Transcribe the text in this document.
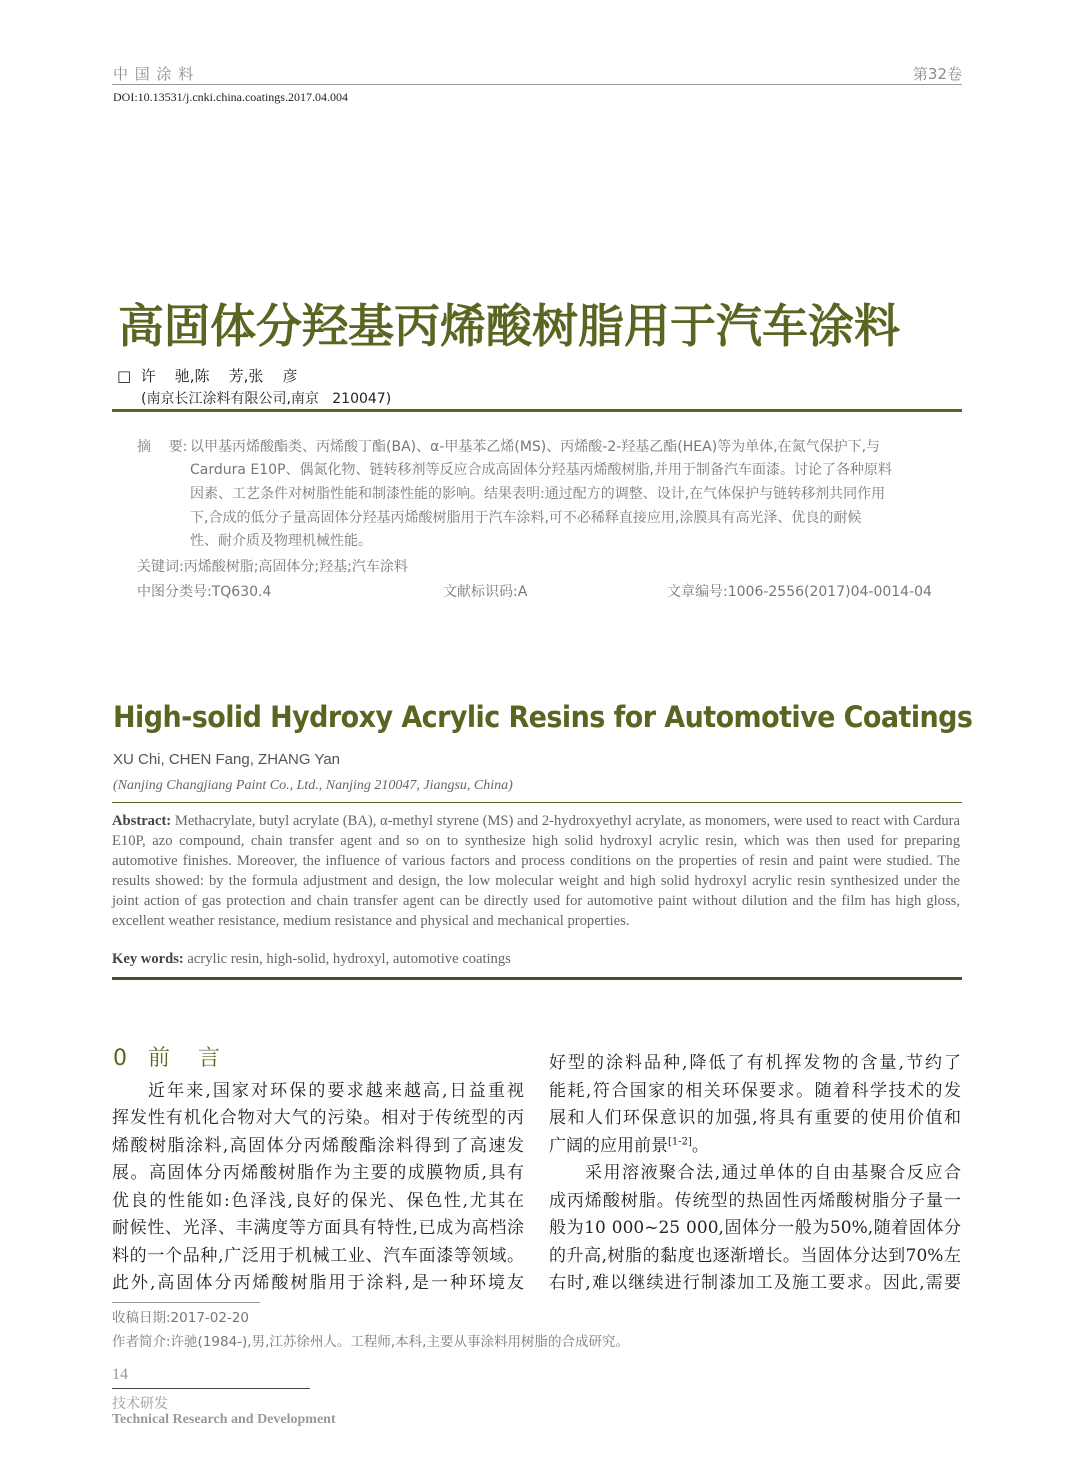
中 国 涂 料	第32卷
DOI:10.13531/j.cnki.china.coatings.2017.04.004
高固体分羟基丙烯酸树脂用于汽车涂料
□  许    驰,陈    芳,张    彦
(南京长江涂料有限公司,南京   210047)
摘    要: 以甲基丙烯酸酯类、丙烯酸丁酯(BA)、α-甲基苯乙烯(MS)、丙烯酸-2-羟基乙酯(HEA)等为单体,在氮气保护下,与
Cardura E10P、偶氮化物、链转移剂等反应合成高固体分羟基丙烯酸树脂,并用于制备汽车面漆。讨论了各种原料
因素、工艺条件对树脂性能和制漆性能的影响。结果表明:通过配方的调整、设计,在气体保护与链转移剂共同作用
下,合成的低分子量高固体分羟基丙烯酸树脂用于汽车涂料,可不必稀释直接应用,涂膜具有高光泽、优良的耐候
性、耐介质及物理机械性能。
关键词:丙烯酸树脂;高固体分;羟基;汽车涂料
中图分类号:TQ630.4	文献标识码:A	文章编号:1006-2556(2017)04-0014-04
High-solid Hydroxy Acrylic Resins for Automotive Coatings
XU Chi, CHEN Fang, ZHANG Yan
(Nanjing Changjiang Paint Co., Ltd., Nanjing 210047, Jiangsu, China)
Abstract: Methacrylate, butyl acrylate (BA), α-methyl styrene (MS) and 2-hydroxyethyl acrylate, as monomers, were used to react with Cardura E10P, azo compound, chain transfer agent and so on to synthesize high solid hydroxyl acrylic resin, which was then used for preparing automotive finishes. Moreover, the influence of various factors and process conditions on the properties of resin and paint were studied. The results showed: by the formula adjustment and design, the low molecular weight and high solid hydroxyl acrylic resin synthesized under the joint action of gas protection and chain transfer agent can be directly used for automotive paint without dilution and the film has high gloss, excellent weather resistance, medium resistance and physical and mechanical properties.
Key words: acrylic resin, high-solid, hydroxyl, automotive coatings
0   前    言
近年来,国家对环保的要求越来越高,日益重视
挥发性有机化合物对大气的污染。相对于传统型的丙
烯酸树脂涂料,高固体分丙烯酸酯涂料得到了高速发
展。高固体分丙烯酸树脂作为主要的成膜物质,具有
优良的性能如:色泽浅,良好的保光、保色性,尤其在
耐候性、光泽、丰满度等方面具有特性,已成为高档涂
料的一个品种,广泛用于机械工业、汽车面漆等领域。
此外,高固体分丙烯酸树脂用于涂料,是一种环境友
好型的涂料品种,降低了有机挥发物的含量,节约了
能耗,符合国家的相关环保要求。随着科学技术的发
展和人们环保意识的加强,将具有重要的使用价值和
广阔的应用前景[1-2]。
采用溶液聚合法,通过单体的自由基聚合反应合
成丙烯酸树脂。传统型的热固性丙烯酸树脂分子量一
般为10 000~25 000,固体分一般为50%,随着固体分
的升高,树脂的黏度也逐渐增长。当固体分达到70%左
右时,难以继续进行制漆加工及施工要求。因此,需要
收稿日期:2017-02-20
作者简介:许驰(1984-),男,江苏徐州人。工程师,本科,主要从事涂料用树脂的合成研究。
14
技术研发
Technical Research and Development
